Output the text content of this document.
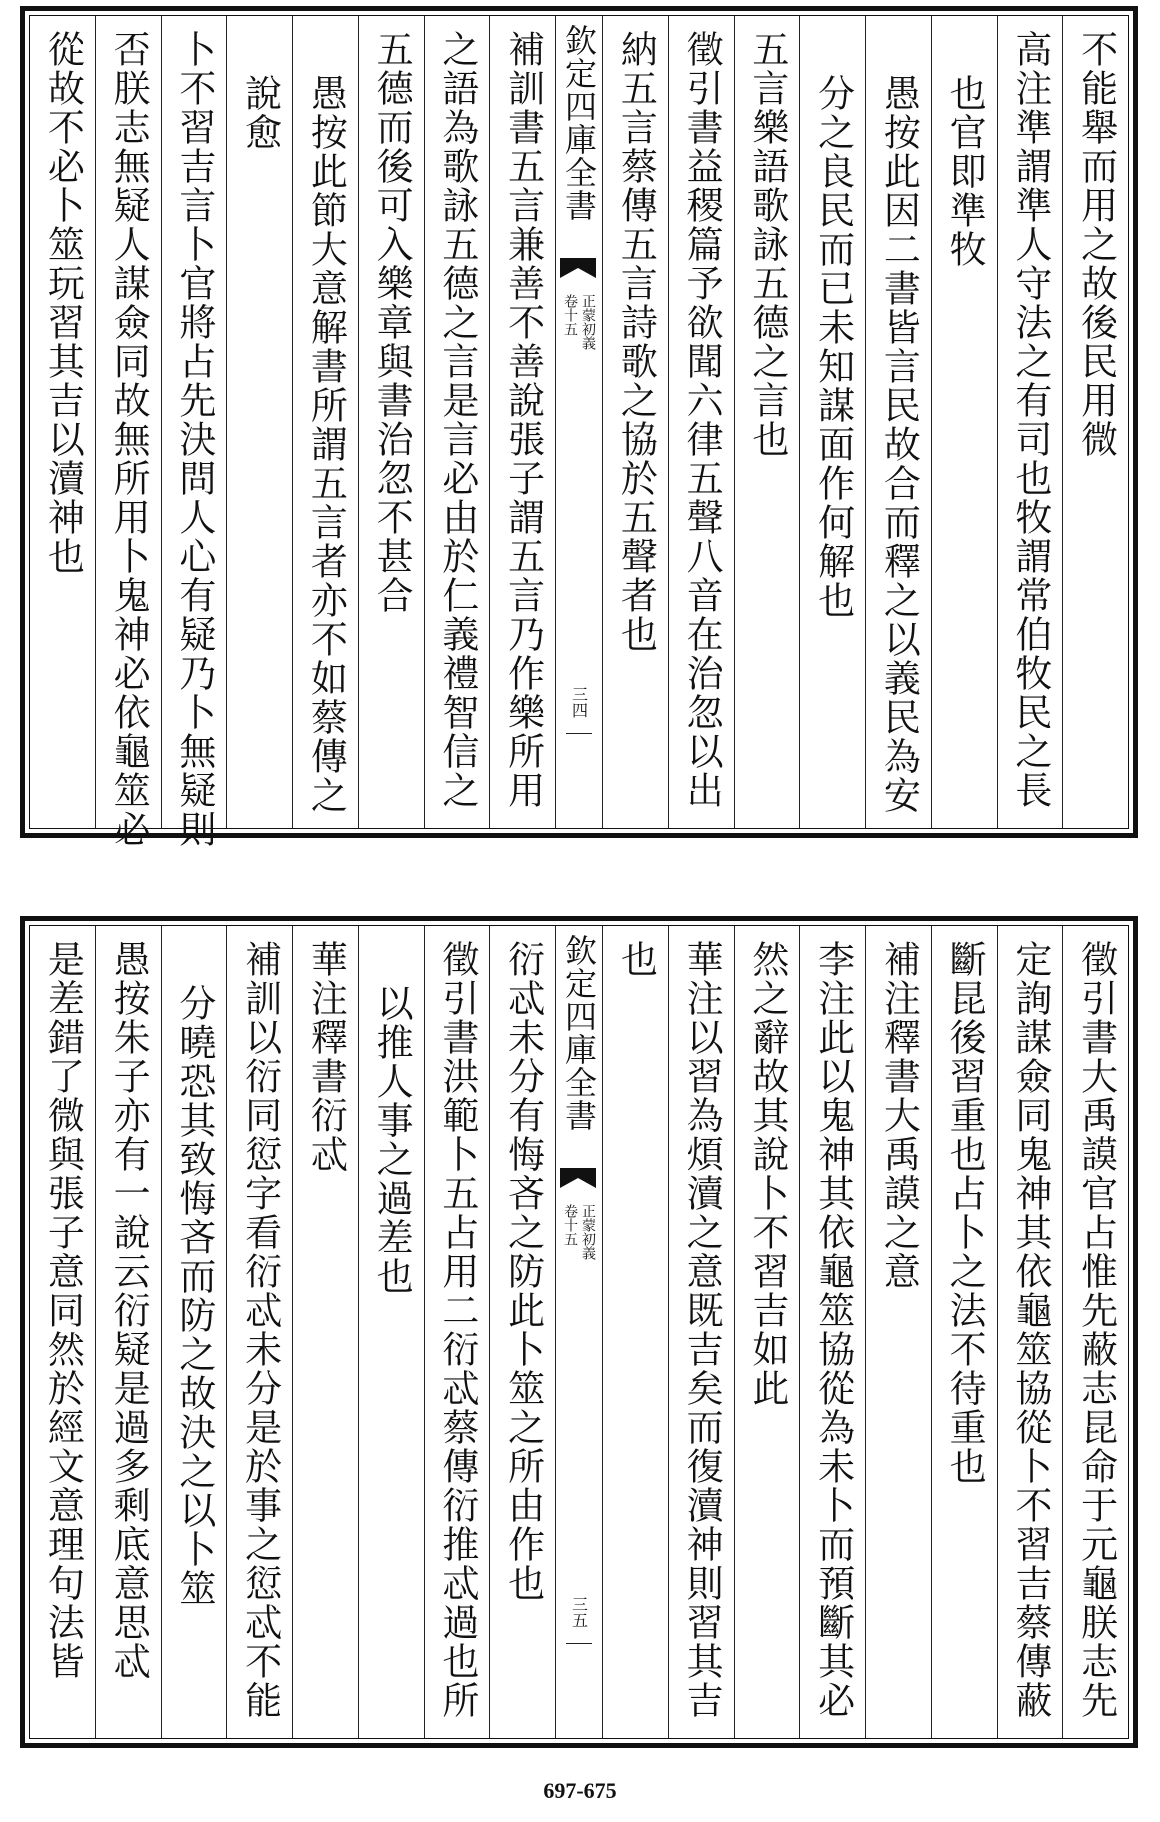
不能舉而用之故後民用微
高注準謂準人守法之有司也牧謂常伯牧民之長
也官即準牧
愚按此因二書皆言民故合而釋之以義民為安
分之良民而已未知謀面作何解也
五言樂語歌詠五德之言也
徵引書益稷篇予欲聞六律五聲八音在治忽以出
納五言蔡傳五言詩歌之協於五聲者也
欽定四庫全書
正蒙初義
卷十五
三四
補訓書五言兼善不善說張子謂五言乃作樂所用
之語為歌詠五德之言是言必由於仁義禮智信之
五德而後可入樂章與書治忽不甚合
愚按此節大意解書所謂五言者亦不如蔡傳之
說愈
卜不習吉言卜官將占先決問人心有疑乃卜無疑則
否朕志無疑人謀僉同故無所用卜鬼神必依龜筮必
從故不必卜筮玩習其吉以瀆神也
徵引書大禹謨官占惟先蔽志昆命于元龜朕志先
定詢謀僉同鬼神其依龜筮協從卜不習吉蔡傳蔽
斷昆後習重也占卜之法不待重也
補注釋書大禹謨之意
李注此以鬼神其依龜筮協從為未卜而預斷其必
然之辭故其說卜不習吉如此
華注以習為煩瀆之意既吉矣而復瀆神則習其吉
也
欽定四庫全書
正蒙初義
卷十五
三五
衍忒未分有悔吝之防此卜筮之所由作也
徵引書洪範卜五占用二衍忒蔡傳衍推忒過也所
以推人事之過差也
華注釋書衍忒
補訓以衍同愆字看衍忒未分是於事之愆忒不能
分曉恐其致悔吝而防之故決之以卜筮
愚按朱子亦有一說云衍疑是過多剩底意思忒
是差錯了微與張子意同然於經文意理句法皆
697-675
